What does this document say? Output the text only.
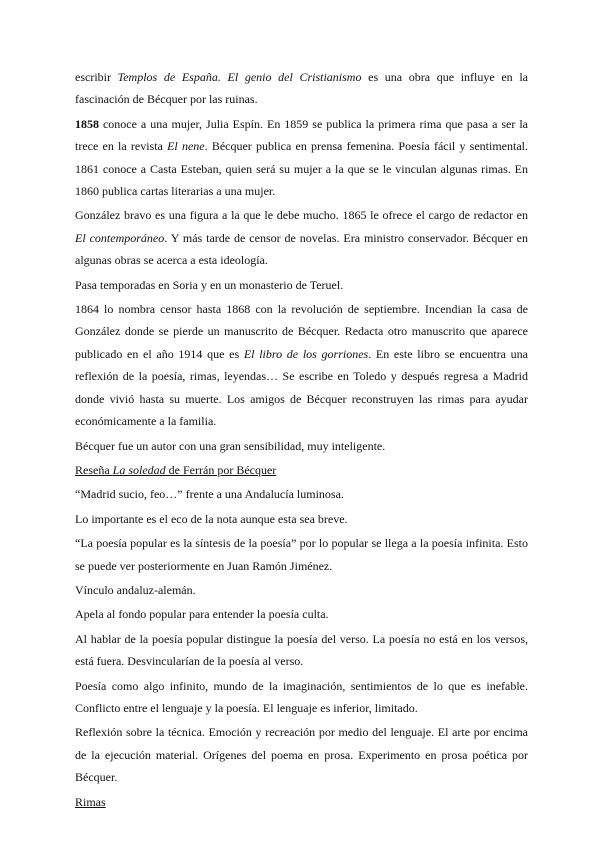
escribir Templos de España. El genio del Cristianismo es una obra que influye en la fascinación de Bécquer por las ruinas.

1858 conoce a una mujer, Julia Espín. En 1859 se publica la primera rima que pasa a ser la trece en la revista El nene. Bécquer publica en prensa femenina. Poesía fácil y sentimental. 1861 conoce a Casta Esteban, quien será su mujer a la que se le vinculan algunas rimas. En 1860 publica cartas literarias a una mujer.

González bravo es una figura a la que le debe mucho. 1865 le ofrece el cargo de redactor en El contemporáneo. Y más tarde de censor de novelas. Era ministro conservador. Bécquer en algunas obras se acerca a esta ideología.

Pasa temporadas en Soria y en un monasterio de Teruel.

1864 lo nombra censor hasta 1868 con la revolución de septiembre. Incendian la casa de González donde se pierde un manuscrito de Bécquer. Redacta otro manuscrito que aparece publicado en el año 1914 que es El libro de los gorriones. En este libro se encuentra una reflexión de la poesía, rimas, leyendas… Se escribe en Toledo y después regresa a Madrid donde vivió hasta su muerte. Los amigos de Bécquer reconstruyen las rimas para ayudar económicamente a la familia.

Bécquer fue un autor con una gran sensibilidad, muy inteligente.

Reseña La soledad de Ferrán por Bécquer

“Madrid sucio, feo…” frente a una Andalucía luminosa.

Lo importante es el eco de la nota aunque esta sea breve.

“La poesía popular es la síntesis de la poesía” por lo popular se llega a la poesía infinita. Esto se puede ver posteriormente en Juan Ramón Jiménez.

Vínculo andaluz-alemán.

Apela al fondo popular para entender la poesía culta.

Al hablar de la poesía popular distingue la poesía del verso. La poesía no está en los versos, está fuera. Desvincularían de la poesía al verso.

Poesía como algo infinito, mundo de la imaginación, sentimientos de lo que es inefable. Conflicto entre el lenguaje y la poesía. El lenguaje es inferior, limitado.

Reflexión sobre la técnica. Emoción y recreación por medio del lenguaje. El arte por encima de la ejecución material. Orígenes del poema en prosa. Experimento en prosa poética por Bécquer.

Rimas
